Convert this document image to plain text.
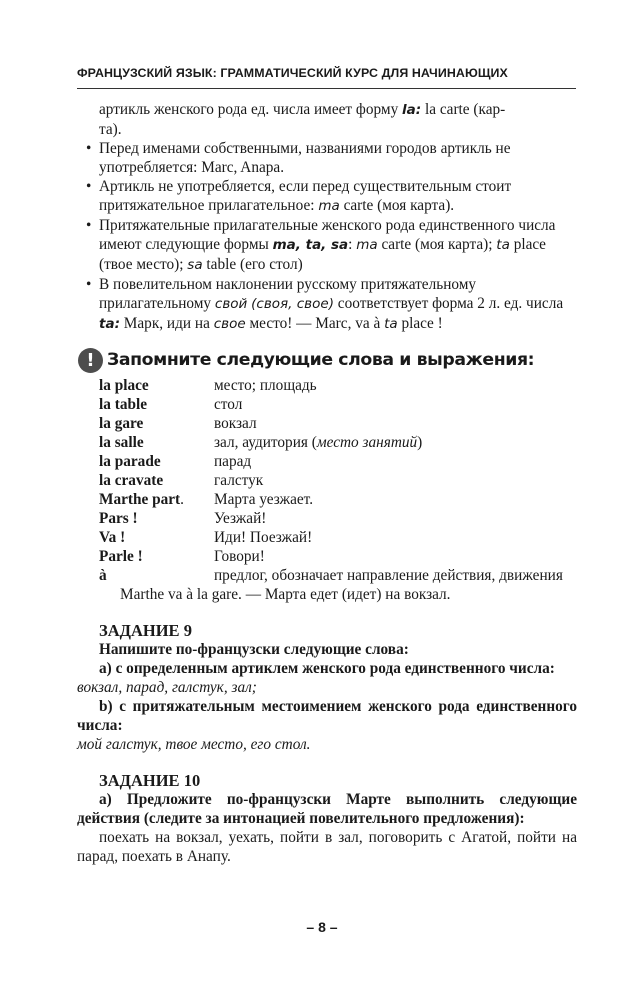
ФРАНЦУЗСКИЙ ЯЗЫК: ГРАММАТИЧЕСКИЙ КУРС ДЛЯ НАЧИНАЮЩИХ

артикль женского рода ед. числа имеет форму la: la carte (кар-
та).

• Перед именами собственными, названиями городов артикль не употребляется: Marc, Anapa.
• Артикль не употребляется, если перед существительным стоит притяжательное прилагательное: ma carte (моя карта).
• Притяжательные прилагательные женского рода единственного числа имеют следующие формы ma, ta, sa: ma carte (моя карта); ta place (твое место); sa table (его стол)
• В повелительном наклонении русскому притяжательному прилагательному свой (своя, свое) соответствует форма 2 л. ед. числа ta: Марк, иди на свое место! — Marc, va à ta place !
! Запомните следующие слова и выражения:
la place	место; площадь
la table	стол
la gare	вокзал
la salle	зал, аудитория (место занятий)
la parade	парад
la cravate	галстук
Marthe part.	Марта уезжает.
Pars !	Уезжай!
Va !	Иди! Поезжай!
Parle !	Говори!
à	предлог, обозначает направление действия, движения
Marthe va à la gare. — Марта едет (идет) на вокзал.
ЗАДАНИЕ 9
Напишите по-французски следующие слова:
а) с определенным артиклем женского рода единственного числа:
вокзал, парад, галстук, зал;
b) с притяжательным местоимением женского рода единственного числа:
мой галстук, твое место, его стол.
ЗАДАНИЕ 10
а) Предложите по-французски Марте выполнить следующие действия (следите за интонацией повелительного предложения):
поехать на вокзал, уехать, пойти в зал, поговорить с Агатой, пойти на парад, поехать в Анапу.
– 8 –
